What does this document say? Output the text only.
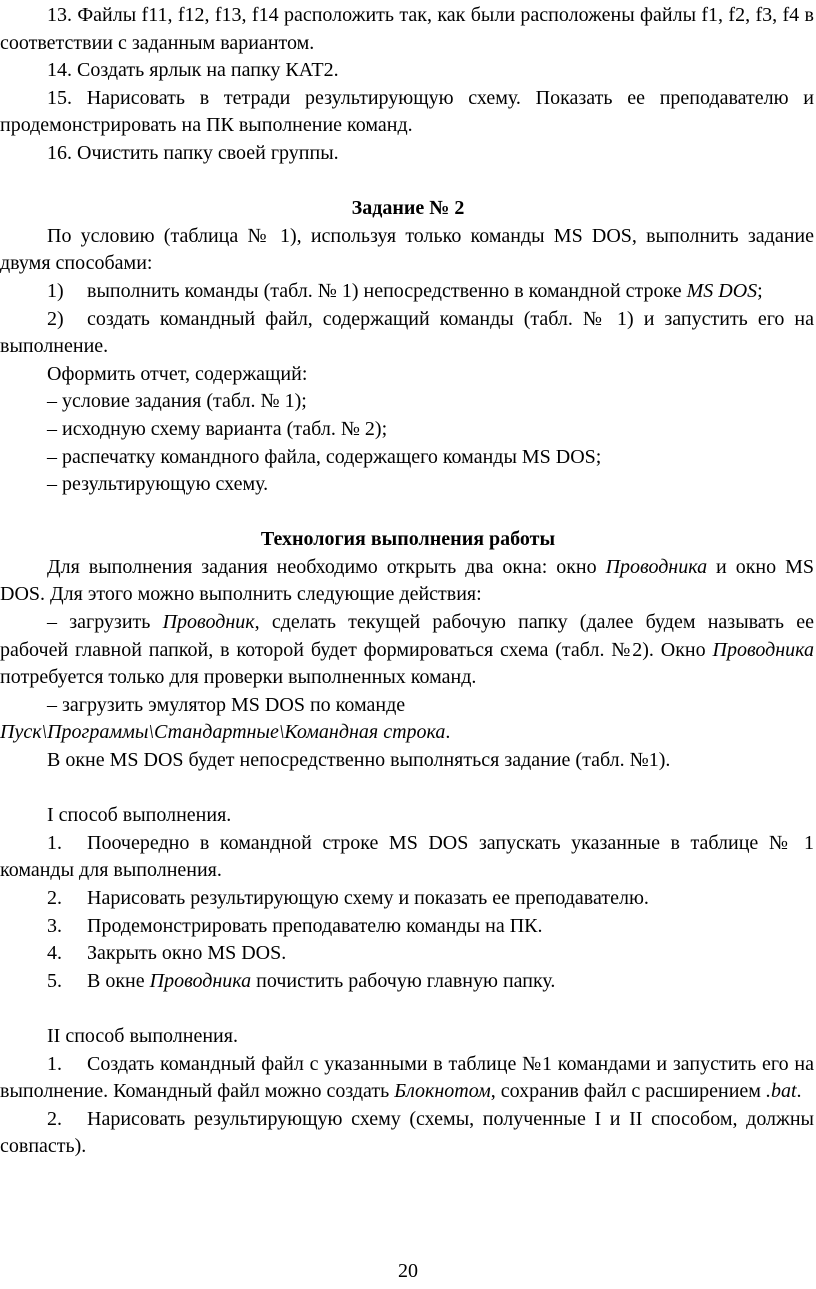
13. Файлы f11, f12, f13, f14 расположить так, как были расположены файлы f1, f2, f3, f4 в соответствии с заданным вариантом.

14. Создать ярлык на папку КАТ2.

15. Нарисовать в тетради результирующую схему. Показать ее преподавателю и продемонстрировать на ПК выполнение команд.

16. Очистить папку своей группы.

Задание № 2

По условию (таблица № 1), используя только команды MS DOS, выполнить задание двумя способами:

1) выполнить команды (табл. № 1) непосредственно в командной строке MS DOS;

2) создать командный файл, содержащий команды (табл. № 1) и запустить его на выполнение.

Оформить отчет, содержащий:

– условие задания (табл. № 1);

– исходную схему варианта (табл. № 2);

– распечатку командного файла, содержащего команды MS DOS;

– результирующую схему.

Технология выполнения работы

Для выполнения задания необходимо открыть два окна: окно Проводника и окно MS DOS. Для этого можно выполнить следующие действия:

– загрузить Проводник, сделать текущей рабочую папку (далее будем называть ее рабочей главной папкой, в которой будет формироваться схема (табл. №2). Окно Проводника потребуется только для проверки выполненных команд.

– загрузить эмулятор MS DOS по команде

Пуск\Программы\Стандартные\Командная строка.

В окне MS DOS будет непосредственно выполняться задание (табл. №1).

I способ выполнения.

1. Поочередно в командной строке MS DOS запускать указанные в таблице № 1 команды для выполнения.

2. Нарисовать результирующую схему и показать ее преподавателю.

3. Продемонстрировать преподавателю команды на ПК.

4. Закрыть окно MS DOS.

5. В окне Проводника почистить рабочую главную папку.

II способ выполнения.

1. Создать командный файл с указанными в таблице №1 командами и запустить его на выполнение. Командный файл можно создать Блокнотом, сохранив файл с расширением .bat.

2. Нарисовать результирующую схему (схемы, полученные I и II способом, должны совпасть).

20
